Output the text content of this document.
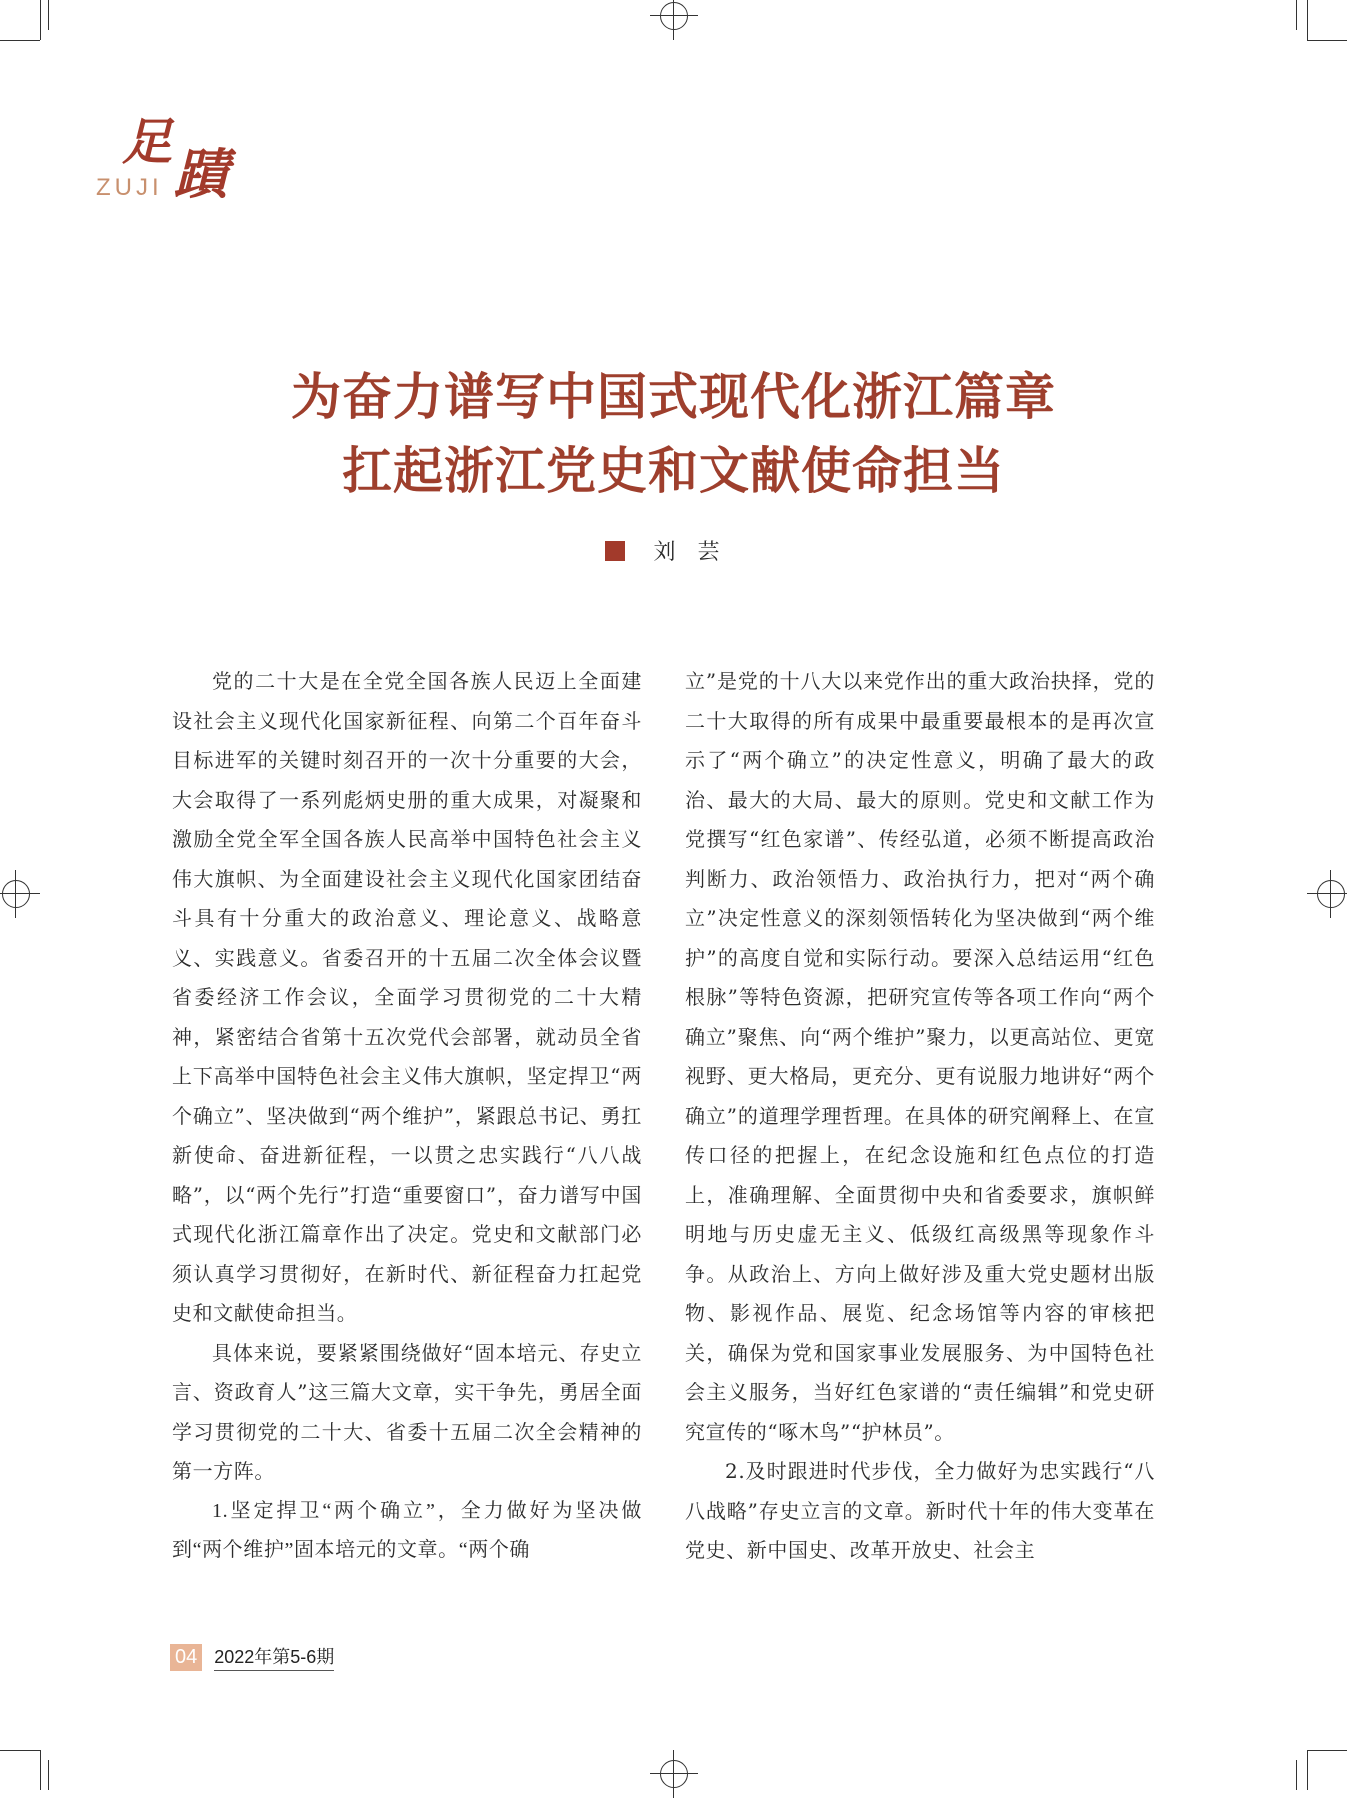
足
蹟
ZUJI
为奋力谱写中国式现代化浙江篇章
扛起浙江党史和文献使命担当
刘芸

党的二十大是在全党全国各族人民迈上全面建设社会主义现代化国家新征程、向第二个百年奋斗目标进军的关键时刻召开的一次十分重要的大会，大会取得了一系列彪炳史册的重大成果，对凝聚和激励全党全军全国各族人民高举中国特色社会主义伟大旗帜、为全面建设社会主义现代化国家团结奋斗具有十分重大的政治意义、理论意义、战略意义、实践意义。省委召开的十五届二次全体会议暨省委经济工作会议，全面学习贯彻党的二十大精神，紧密结合省第十五次党代会部署，就动员全省上下高举中国特色社会主义伟大旗帜，坚定捍卫“两个确立”、坚决做到“两个维护”，紧跟总书记、勇扛新使命、奋进新征程，一以贯之忠实践行“八八战略”，以“两个先行”打造“重要窗口”，奋力谱写中国式现代化浙江篇章作出了决定。党史和文献部门必须认真学习贯彻好，在新时代、新征程奋力扛起党史和文献使命担当。

具体来说，要紧紧围绕做好“固本培元、存史立言、资政育人”这三篇大文章，实干争先，勇居全面学习贯彻党的二十大、省委十五届二次全会精神的第一方阵。

1.坚定捍卫“两个确立”，全力做好为坚决做到“两个维护”固本培元的文章。“两个确

立”是党的十八大以来党作出的重大政治抉择，党的二十大取得的所有成果中最重要最根本的是再次宣示了“两个确立”的决定性意义，明确了最大的政治、最大的大局、最大的原则。党史和文献工作为党撰写“红色家谱”、传经弘道，必须不断提高政治判断力、政治领悟力、政治执行力，把对“两个确立”决定性意义的深刻领悟转化为坚决做到“两个维护”的高度自觉和实际行动。要深入总结运用“红色根脉”等特色资源，把研究宣传等各项工作向“两个确立”聚焦、向“两个维护”聚力，以更高站位、更宽视野、更大格局，更充分、更有说服力地讲好“两个确立”的道理学理哲理。在具体的研究阐释上、在宣传口径的把握上，在纪念设施和红色点位的打造上，准确理解、全面贯彻中央和省委要求，旗帜鲜明地与历史虚无主义、低级红高级黑等现象作斗争。从政治上、方向上做好涉及重大党史题材出版物、影视作品、展览、纪念场馆等内容的审核把关，确保为党和国家事业发展服务、为中国特色社会主义服务，当好红色家谱的“责任编辑”和党史研究宣传的“啄木鸟”“护林员”。

2.及时跟进时代步伐，全力做好为忠实践行“八八战略”存史立言的文章。新时代十年的伟大变革在党史、新中国史、改革开放史、社会主

04 2022年第5-6期
